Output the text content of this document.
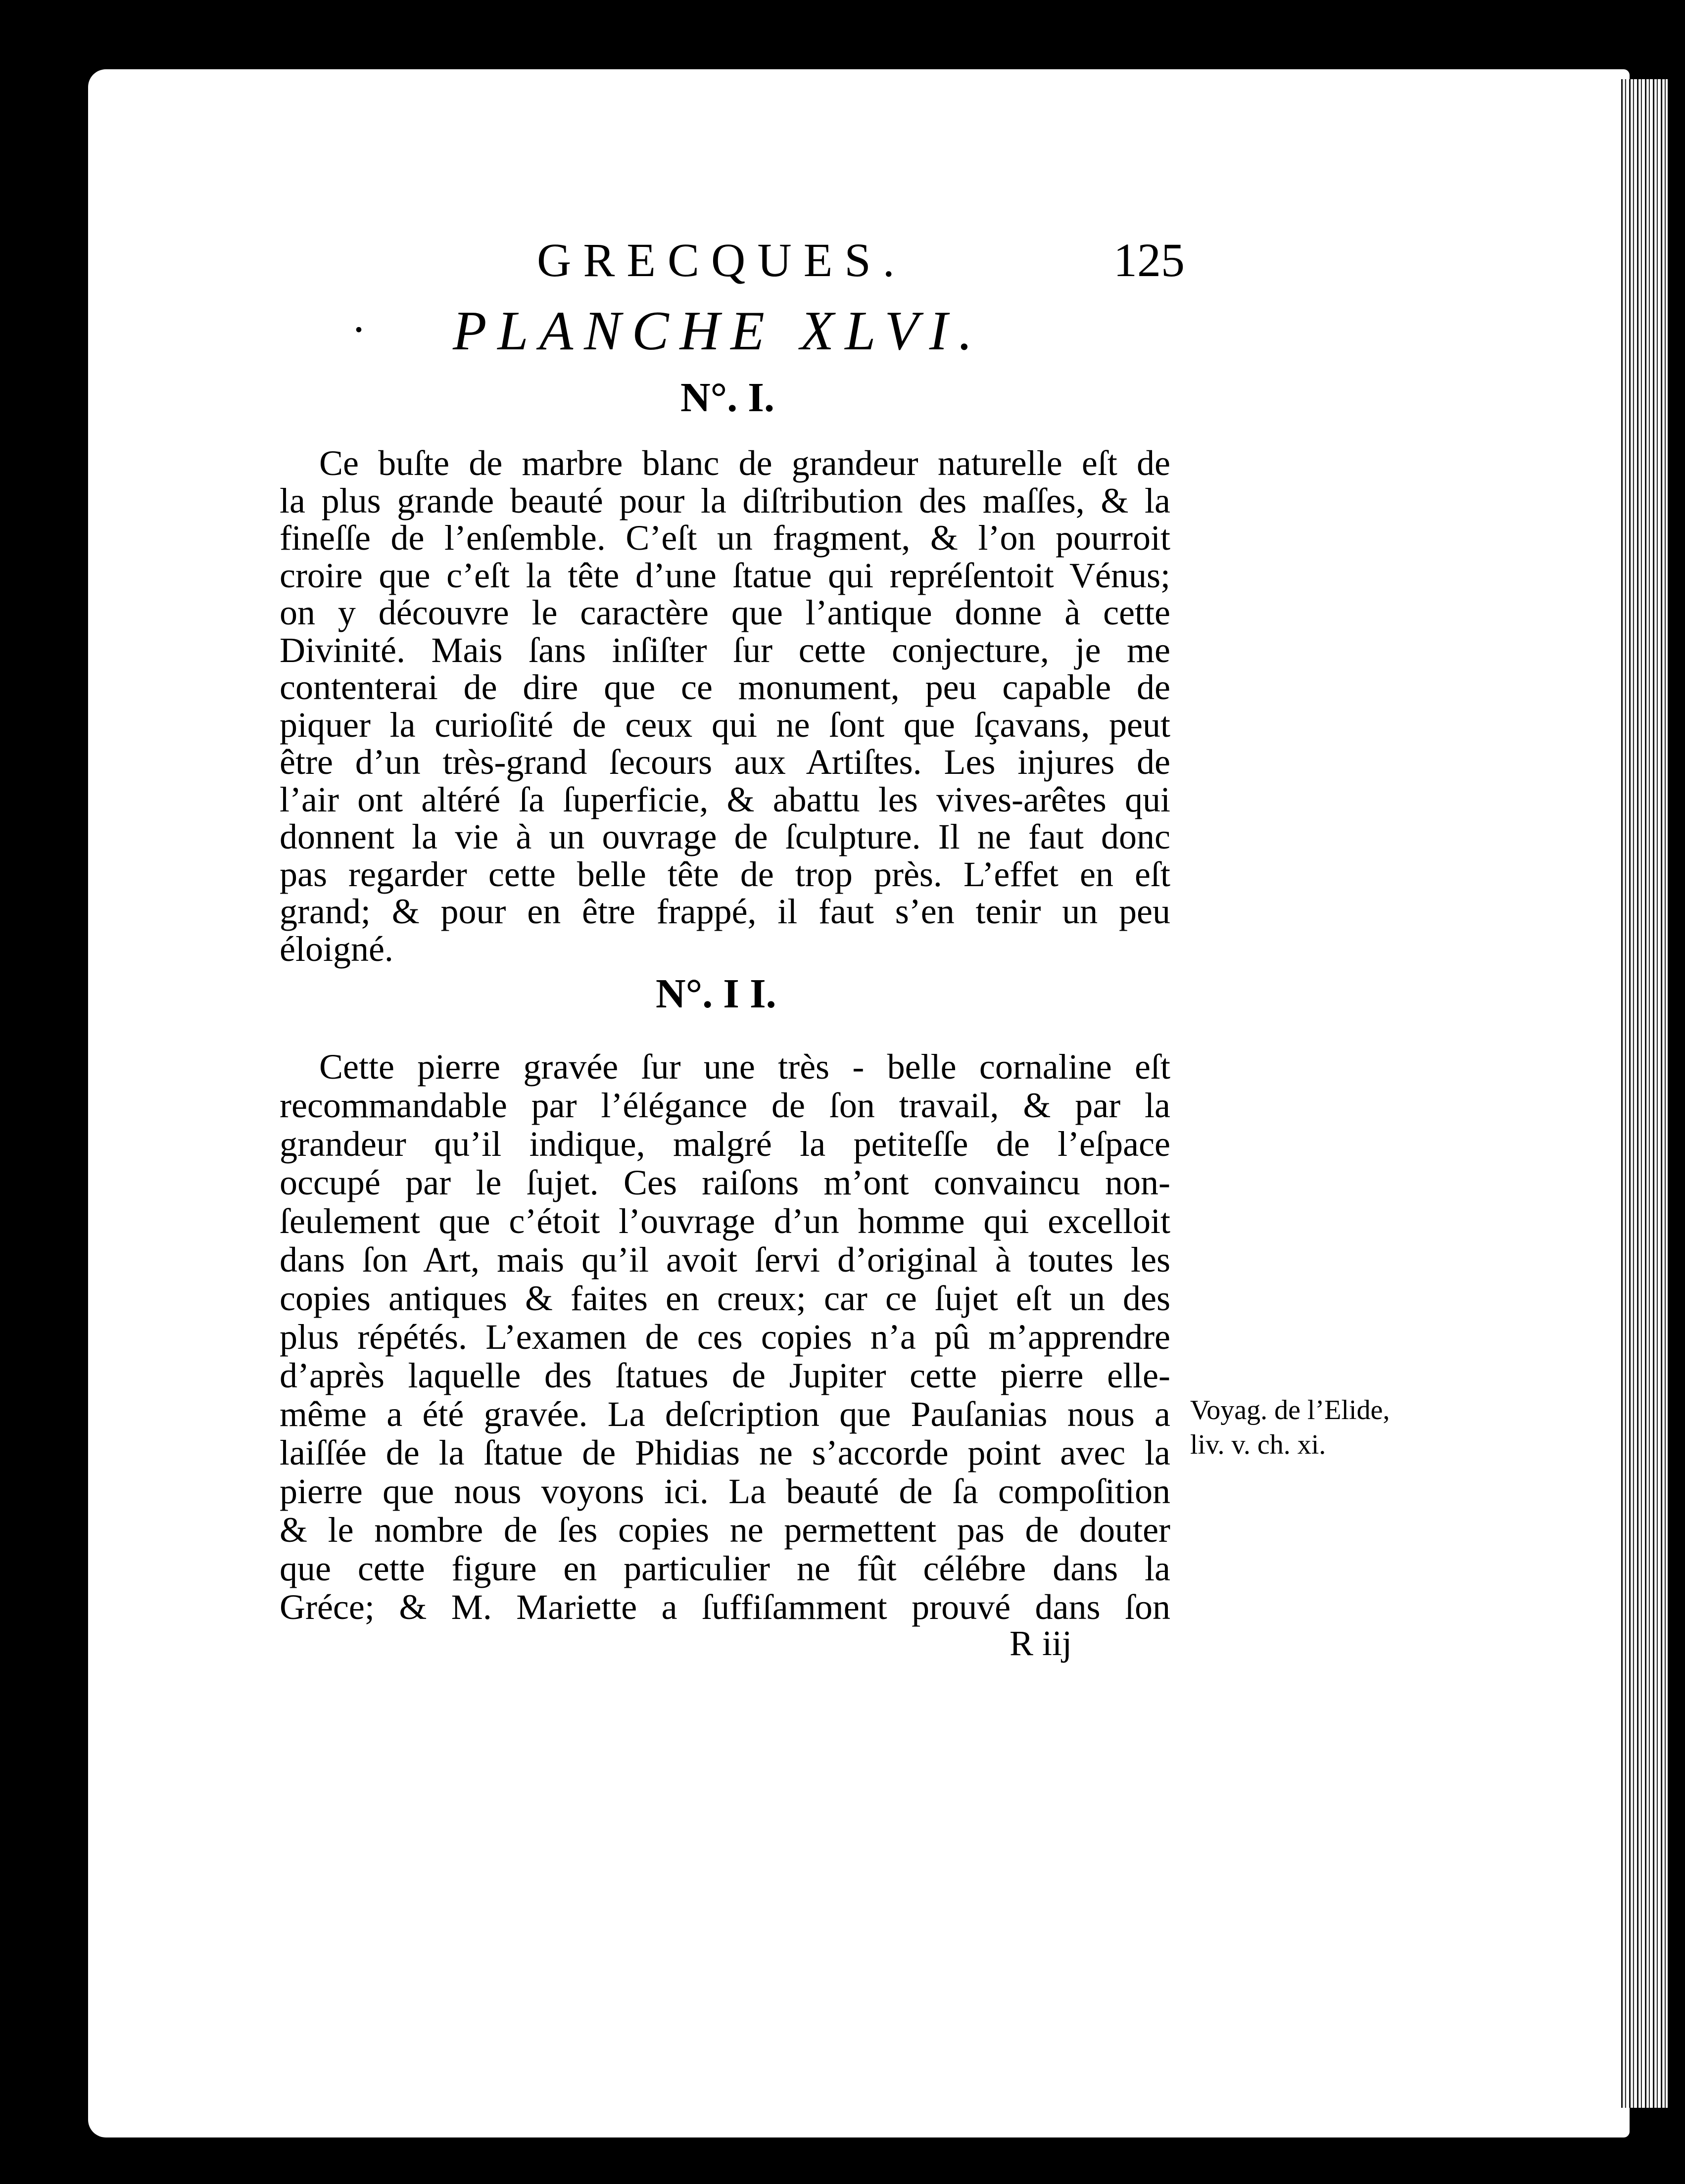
GRECQUES.	125
· PLANCHE XLVI.
N°. I.
Ce buſte de marbre blanc de grandeur naturelle eſt de
la plus grande beauté pour la diſtribution des maſſes, & la
fineſſe de l’enſemble. C’eſt un fragment, & l’on pourroit
croire que c’eſt la tête d’une ſtatue qui repréſentoit Vénus;
on y découvre le caractère que l’antique donne à cette
Divinité. Mais ſans inſiſter ſur cette conjecture, je me
contenterai de dire que ce monument, peu capable de
piquer la curioſité de ceux qui ne ſont que ſçavans, peut
être d’un très-grand ſecours aux Artiſtes. Les injures de
l’air ont altéré ſa ſuperficie, & abattu les vives-arêtes qui
donnent la vie à un ouvrage de ſculpture. Il ne faut donc
pas regarder cette belle tête de trop près. L’effet en eſt
grand; & pour en être frappé, il faut s’en tenir un peu
éloigné.
N°. I I.
Cette pierre gravée ſur une très - belle cornaline eſt
recommandable par l’élégance de ſon travail, & par la
grandeur qu’il indique, malgré la petiteſſe de l’eſpace
occupé par le ſujet. Ces raiſons m’ont convaincu non-
ſeulement que c’étoit l’ouvrage d’un homme qui excelloit
dans ſon Art, mais qu’il avoit ſervi d’original à toutes les
copies antiques & faites en creux; car ce ſujet eſt un des
plus répétés. L’examen de ces copies n’a pû m’apprendre
d’après laquelle des ſtatues de Jupiter cette pierre elle-
même a été gravée. La deſcription que Pauſanias nous a
laiſſée de la ſtatue de Phidias ne s’accorde point avec la
pierre que nous voyons ici. La beauté de ſa compoſition
& le nombre de ſes copies ne permettent pas de douter
que cette figure en particulier ne fût célébre dans la
Gréce; & M. Mariette a ſuffiſamment prouvé dans ſon
Voyag. de l’Elide,
liv. v. ch. xi.
R iij
